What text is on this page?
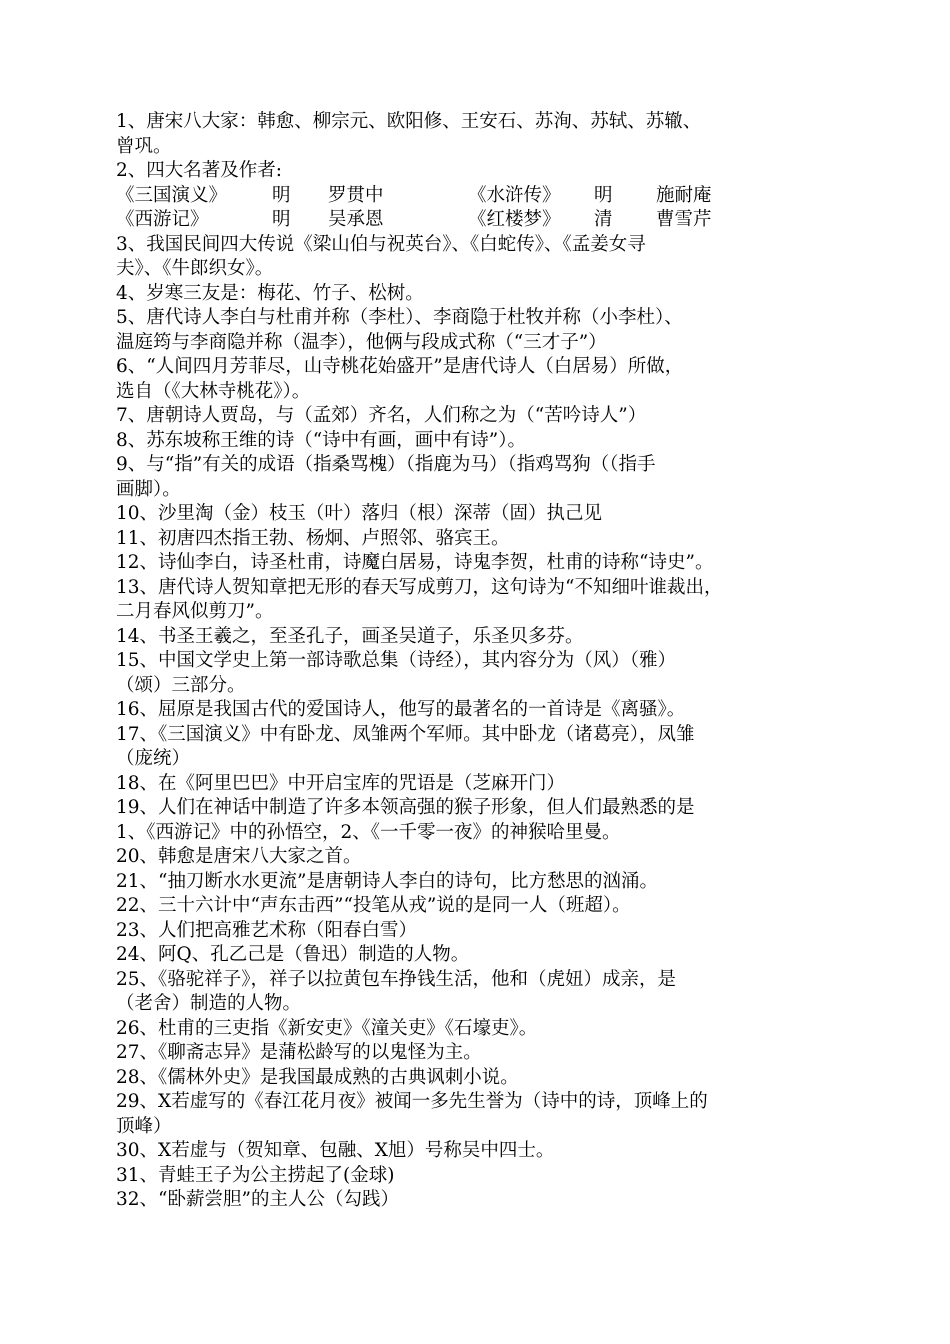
1、唐宋八大家：韩愈、柳宗元、欧阳修、王安石、苏洵、苏轼、苏辙、
曾巩。
2、四大名著及作者:
《三国演义》	明	罗贯中	《水浒传》	明	施耐庵
《西游记》	明	吴承恩	《红楼梦》	清	曹雪芹
3、我国民间四大传说《梁山伯与祝英台》、《白蛇传》、《孟姜女寻
夫》、《牛郎织女》。
4、岁寒三友是：梅花、竹子、松树。
5、唐代诗人李白与杜甫并称（李杜）、李商隐于杜牧并称（小李杜）、
温庭筠与李商隐并称（温李），他俩与段成式称（“三才子”）
6、“人间四月芳菲尽，山寺桃花始盛开”是唐代诗人（白居易）所做，
选自（《大林寺桃花》）。
7、唐朝诗人贾岛，与（孟郊）齐名，人们称之为（“苦吟诗人”）
8、苏东坡称王维的诗（“诗中有画，画中有诗”）。
9、与“指”有关的成语（指桑骂槐）（指鹿为马）（指鸡骂狗（（指手
画脚）。
10、沙里淘（金）枝玉（叶）落归（根）深蒂（固）执己见
11、初唐四杰指王勃、杨炯、卢照邻、骆宾王。
12、诗仙李白，诗圣杜甫，诗魔白居易，诗鬼李贺，杜甫的诗称“诗史”。
13、唐代诗人贺知章把无形的春天写成剪刀，这句诗为“不知细叶谁裁出，
二月春风似剪刀”。
14、书圣王羲之，至圣孔子，画圣吴道子，乐圣贝多芬。
15、中国文学史上第一部诗歌总集（诗经），其内容分为（风）（雅）
（颂）三部分。
16、屈原是我国古代的爱国诗人，他写的最著名的一首诗是《离骚》。
17、《三国演义》中有卧龙、凤雏两个军师。其中卧龙（诸葛亮），凤雏
（庞统）
18、在《阿里巴巴》中开启宝库的咒语是（芝麻开门）
19、人们在神话中制造了许多本领高强的猴子形象，但人们最熟悉的是
1、《西游记》中的孙悟空，2、《一千零一夜》的神猴哈里曼。
20、韩愈是唐宋八大家之首。
21、“抽刀断水水更流”是唐朝诗人李白的诗句，比方愁思的汹涌。
22、三十六计中“声东击西”“投笔从戎”说的是同一人（班超）。
23、人们把高雅艺术称（阳春白雪）
24、阿Q、孔乙己是（鲁迅）制造的人物。
25、《骆驼祥子》，祥子以拉黄包车挣钱生活，他和（虎妞）成亲，是
（老舍）制造的人物。
26、杜甫的三吏指《新安吏》《潼关吏》《石壕吏》。
27、《聊斋志异》是蒲松龄写的以鬼怪为主。
28、《儒林外史》是我国最成熟的古典讽刺小说。
29、X若虚写的《春江花月夜》被闻一多先生誉为（诗中的诗，顶峰上的
顶峰）
30、X若虚与（贺知章、包融、X旭）号称吴中四士。
31、青蛙王子为公主捞起了(金球)
32、“卧薪尝胆”的主人公（勾践）
